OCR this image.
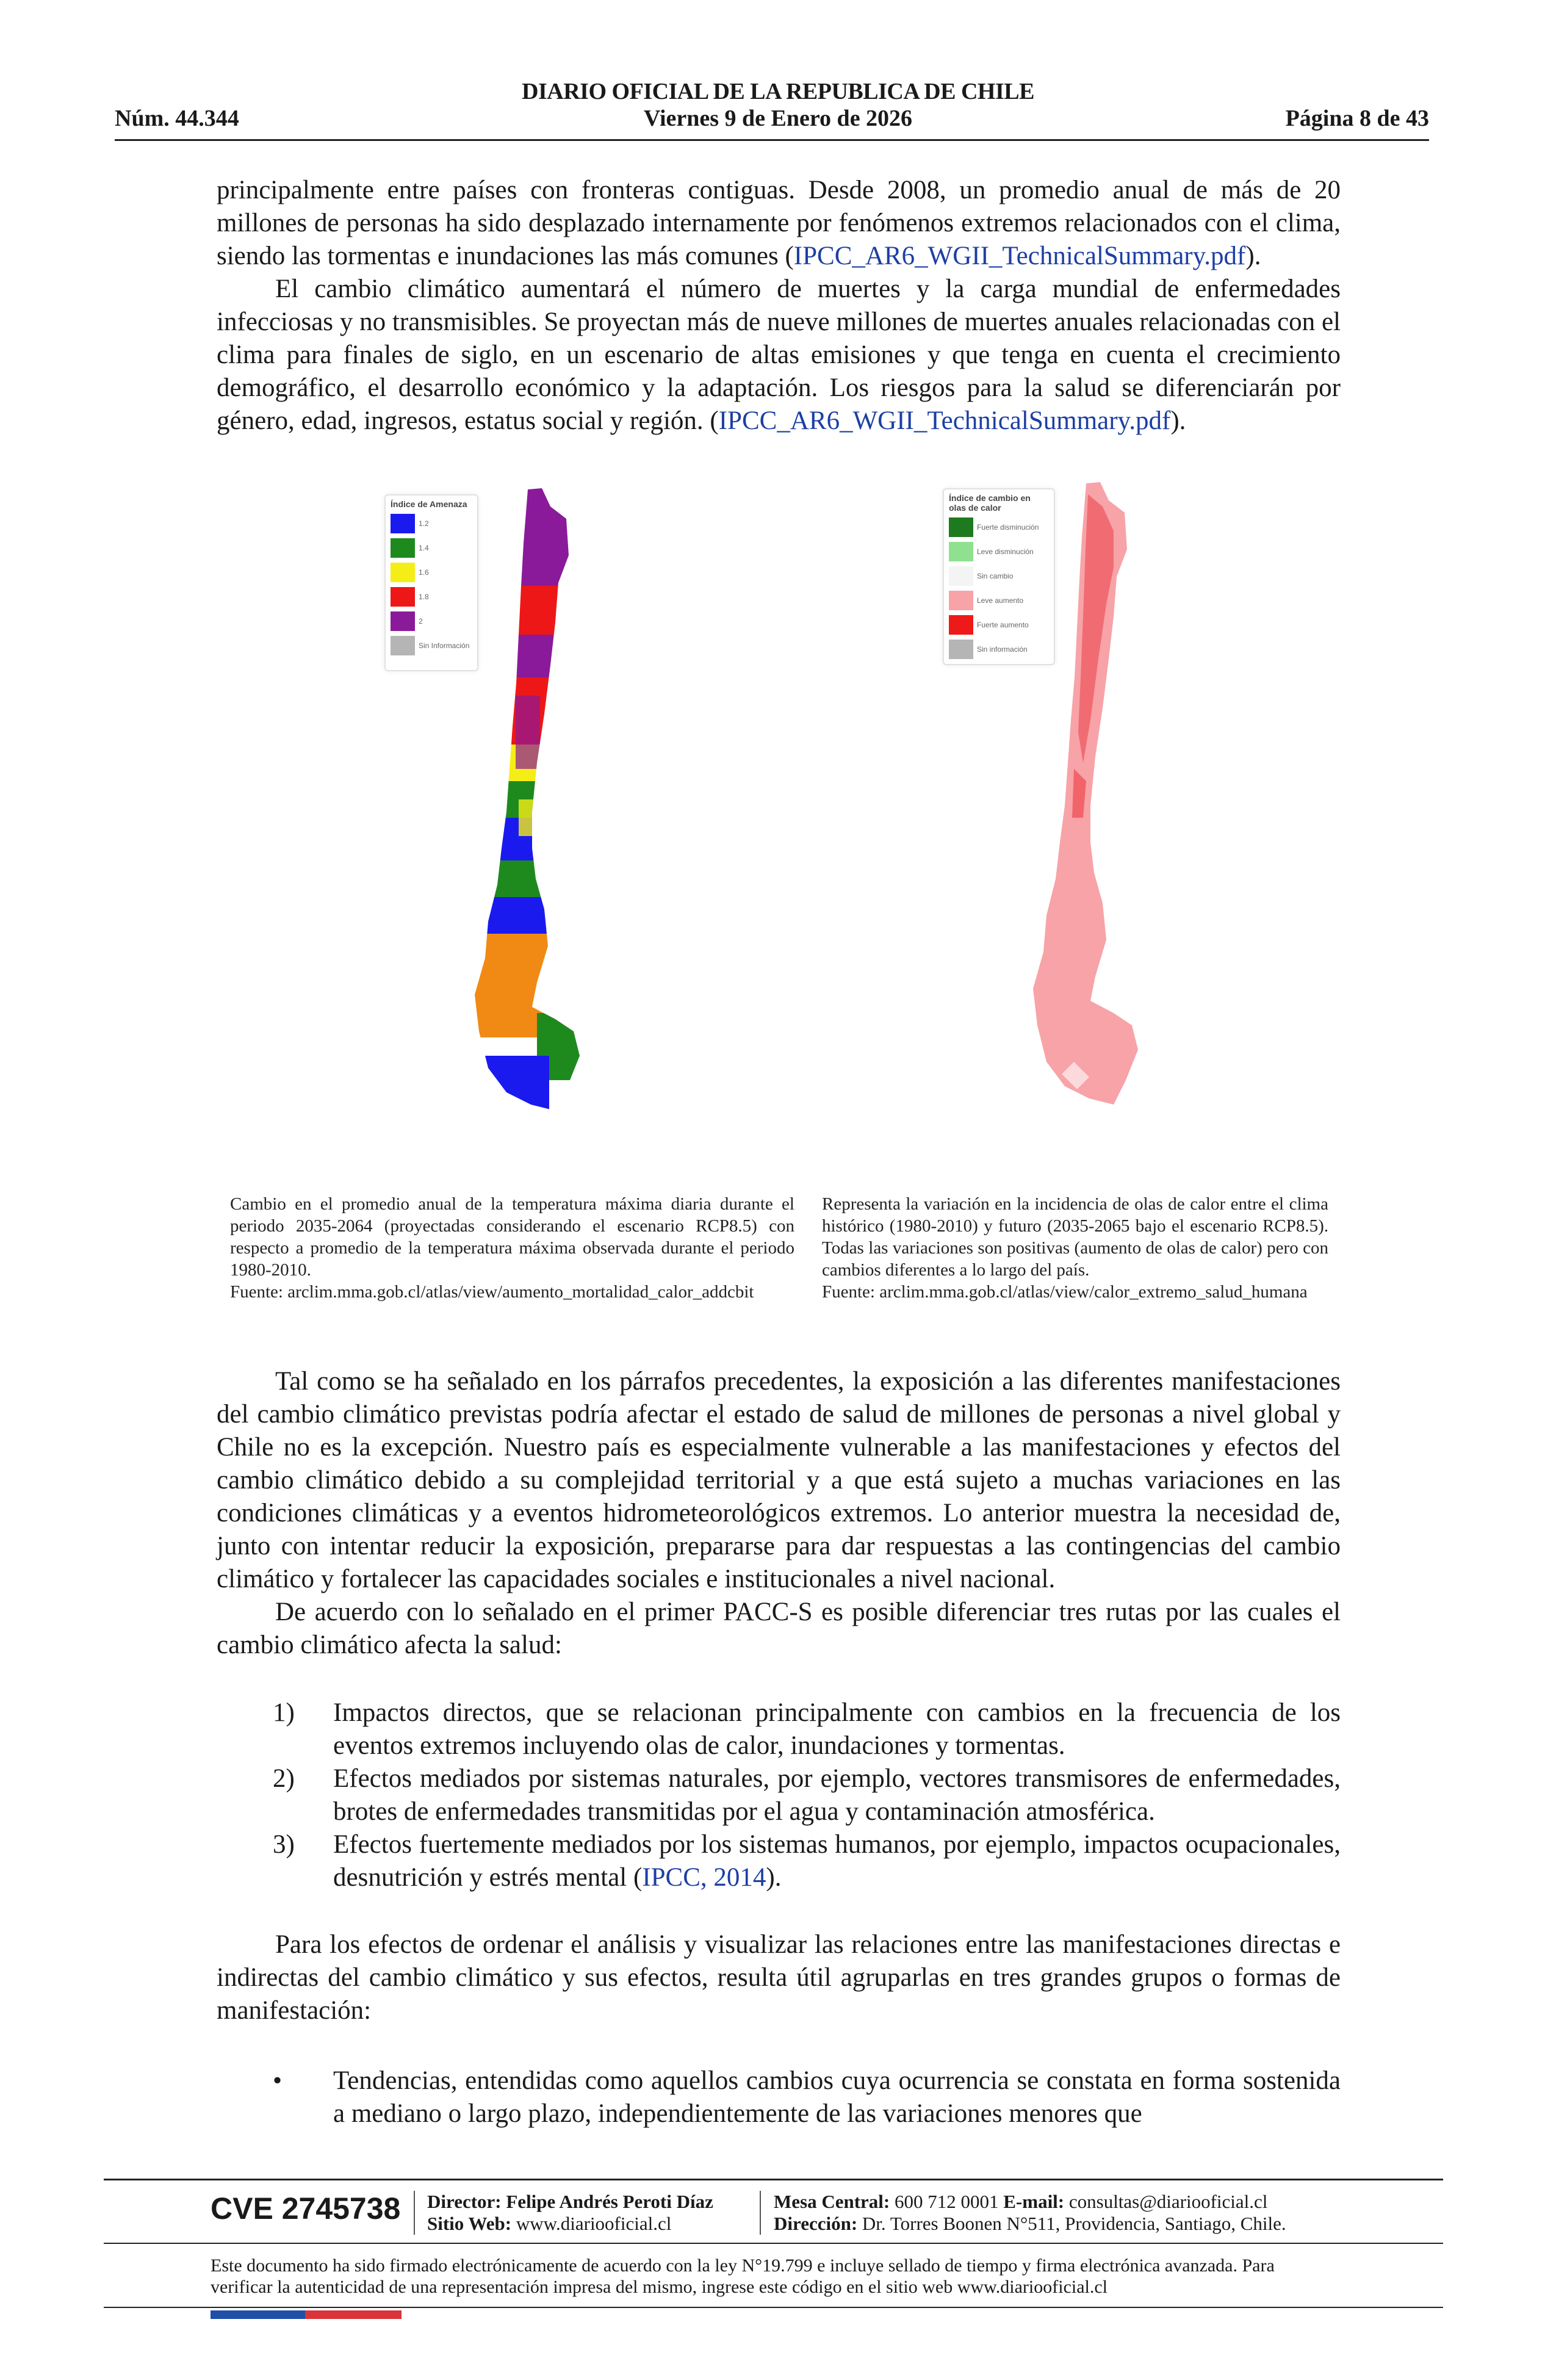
DIARIO OFICIAL DE LA REPUBLICA DE CHILE
Núm. 44.344	Viernes 9 de Enero de 2026	Página 8 de 43
principalmente entre países con fronteras contiguas. Desde 2008, un promedio anual de más de 20 millones de personas ha sido desplazado internamente por fenómenos extremos relacionados con el clima, siendo las tormentas e inundaciones las más comunes (IPCC_AR6_WGII_TechnicalSummary.pdf).
El cambio climático aumentará el número de muertes y la carga mundial de enfermedades infecciosas y no transmisibles. Se proyectan más de nueve millones de muertes anuales relacionadas con el clima para finales de siglo, en un escenario de altas emisiones y que tenga en cuenta el crecimiento demográfico, el desarrollo económico y la adaptación. Los riesgos para la salud se diferenciarán por género, edad, ingresos, estatus social y región. (IPCC_AR6_WGII_TechnicalSummary.pdf).
Índice de Amenaza
1.2
1.4
1.6
1.8
2
Sin Información
Índice de cambio en olas de calor
Fuerte disminución
Leve disminución
Sin cambio
Leve aumento
Fuerte aumento
Sin información
Cambio en el promedio anual de la temperatura máxima diaria durante el periodo 2035-2064 (proyectadas considerando el escenario RCP8.5) con respecto a promedio de la temperatura máxima observada durante el periodo 1980-2010.
Fuente: arclim.mma.gob.cl/atlas/view/aumento_mortalidad_calor_addcbit
Representa la variación en la incidencia de olas de calor entre el clima histórico (1980-2010) y futuro (2035-2065 bajo el escenario RCP8.5). Todas las variaciones son positivas (aumento de olas de calor) pero con cambios diferentes a lo largo del país.
Fuente: arclim.mma.gob.cl/atlas/view/calor_extremo_salud_humana
Tal como se ha señalado en los párrafos precedentes, la exposición a las diferentes manifestaciones del cambio climático previstas podría afectar el estado de salud de millones de personas a nivel global y Chile no es la excepción. Nuestro país es especialmente vulnerable a las manifestaciones y efectos del cambio climático debido a su complejidad territorial y a que está sujeto a muchas variaciones en las condiciones climáticas y a eventos hidrometeorológicos extremos. Lo anterior muestra la necesidad de, junto con intentar reducir la exposición, prepararse para dar respuestas a las contingencias del cambio climático y fortalecer las capacidades sociales e institucionales a nivel nacional.
De acuerdo con lo señalado en el primer PACC-S es posible diferenciar tres rutas por las cuales el cambio climático afecta la salud:
1) Impactos directos, que se relacionan principalmente con cambios en la frecuencia de los eventos extremos incluyendo olas de calor, inundaciones y tormentas.
2) Efectos mediados por sistemas naturales, por ejemplo, vectores transmisores de enfermedades, brotes de enfermedades transmitidas por el agua y contaminación atmosférica.
3) Efectos fuertemente mediados por los sistemas humanos, por ejemplo, impactos ocupacionales, desnutrición y estrés mental (IPCC, 2014).
Para los efectos de ordenar el análisis y visualizar las relaciones entre las manifestaciones directas e indirectas del cambio climático y sus efectos, resulta útil agruparlas en tres grandes grupos o formas de manifestación:
• Tendencias, entendidas como aquellos cambios cuya ocurrencia se constata en forma sostenida a mediano o largo plazo, independientemente de las variaciones menores que
CVE 2745738 Director: Felipe Andrés Peroti Díaz
Sitio Web: www.diariooficial.cl
Mesa Central: 600 712 0001 E-mail: consultas@diariooficial.cl
Dirección: Dr. Torres Boonen N°511, Providencia, Santiago, Chile.
Este documento ha sido firmado electrónicamente de acuerdo con la ley N°19.799 e incluye sellado de tiempo y firma electrónica avanzada. Para verificar la autenticidad de una representación impresa del mismo, ingrese este código en el sitio web www.diariooficial.cl
